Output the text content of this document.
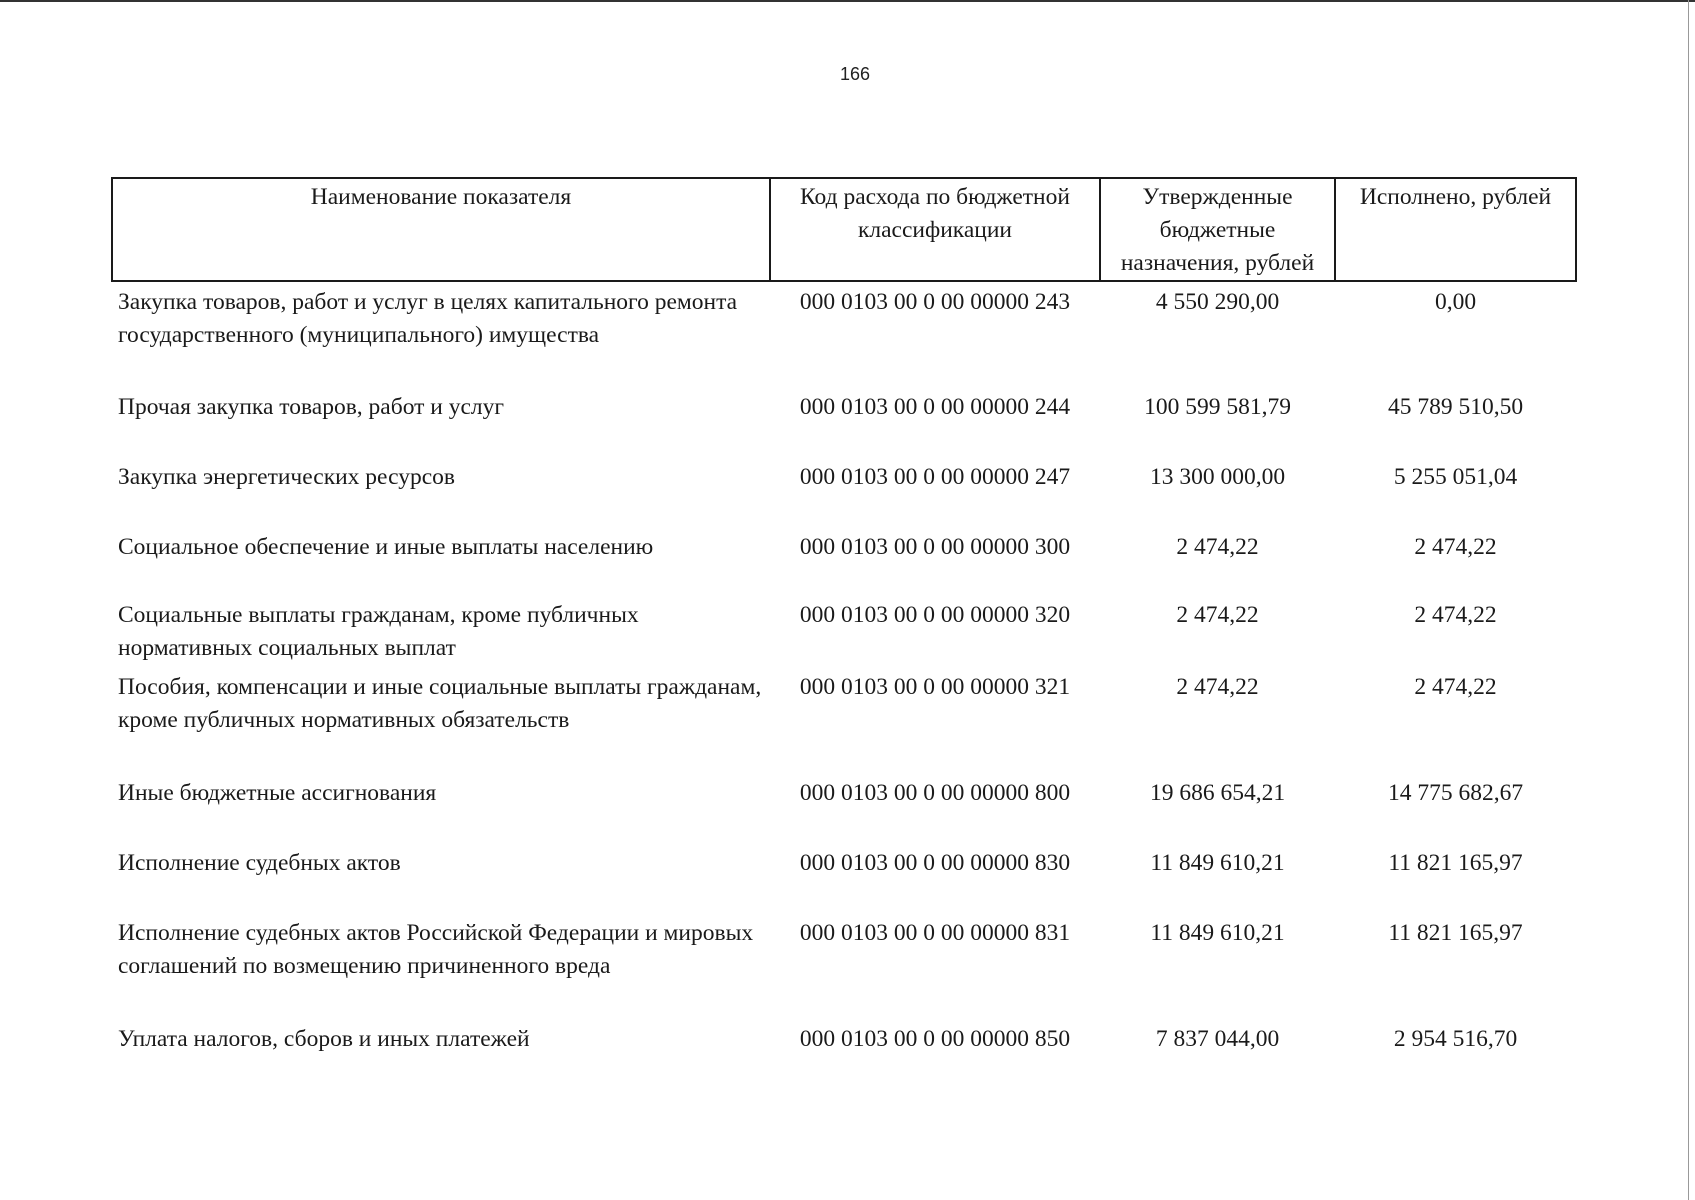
166
Наименование показателя	Код расхода по бюджетной классификации	Утвержденные бюджетные назначения, рублей	Исполнено, рублей
Закупка товаров, работ и услуг в целях капитального ремонта государственного (муниципального) имущества	000 0103 00 0 00 00000 243	4 550 290,00	0,00
Прочая закупка товаров, работ и услуг	000 0103 00 0 00 00000 244	100 599 581,79	45 789 510,50
Закупка энергетических ресурсов	000 0103 00 0 00 00000 247	13 300 000,00	5 255 051,04
Социальное обеспечение и иные выплаты населению	000 0103 00 0 00 00000 300	2 474,22	2 474,22
Социальные выплаты гражданам, кроме публичных нормативных социальных выплат	000 0103 00 0 00 00000 320	2 474,22	2 474,22
Пособия, компенсации и иные социальные выплаты гражданам, кроме публичных нормативных обязательств	000 0103 00 0 00 00000 321	2 474,22	2 474,22
Иные бюджетные ассигнования	000 0103 00 0 00 00000 800	19 686 654,21	14 775 682,67
Исполнение судебных актов	000 0103 00 0 00 00000 830	11 849 610,21	11 821 165,97
Исполнение судебных актов Российской Федерации и мировых соглашений по возмещению причиненного вреда	000 0103 00 0 00 00000 831	11 849 610,21	11 821 165,97
Уплата налогов, сборов и иных платежей	000 0103 00 0 00 00000 850	7 837 044,00	2 954 516,70
